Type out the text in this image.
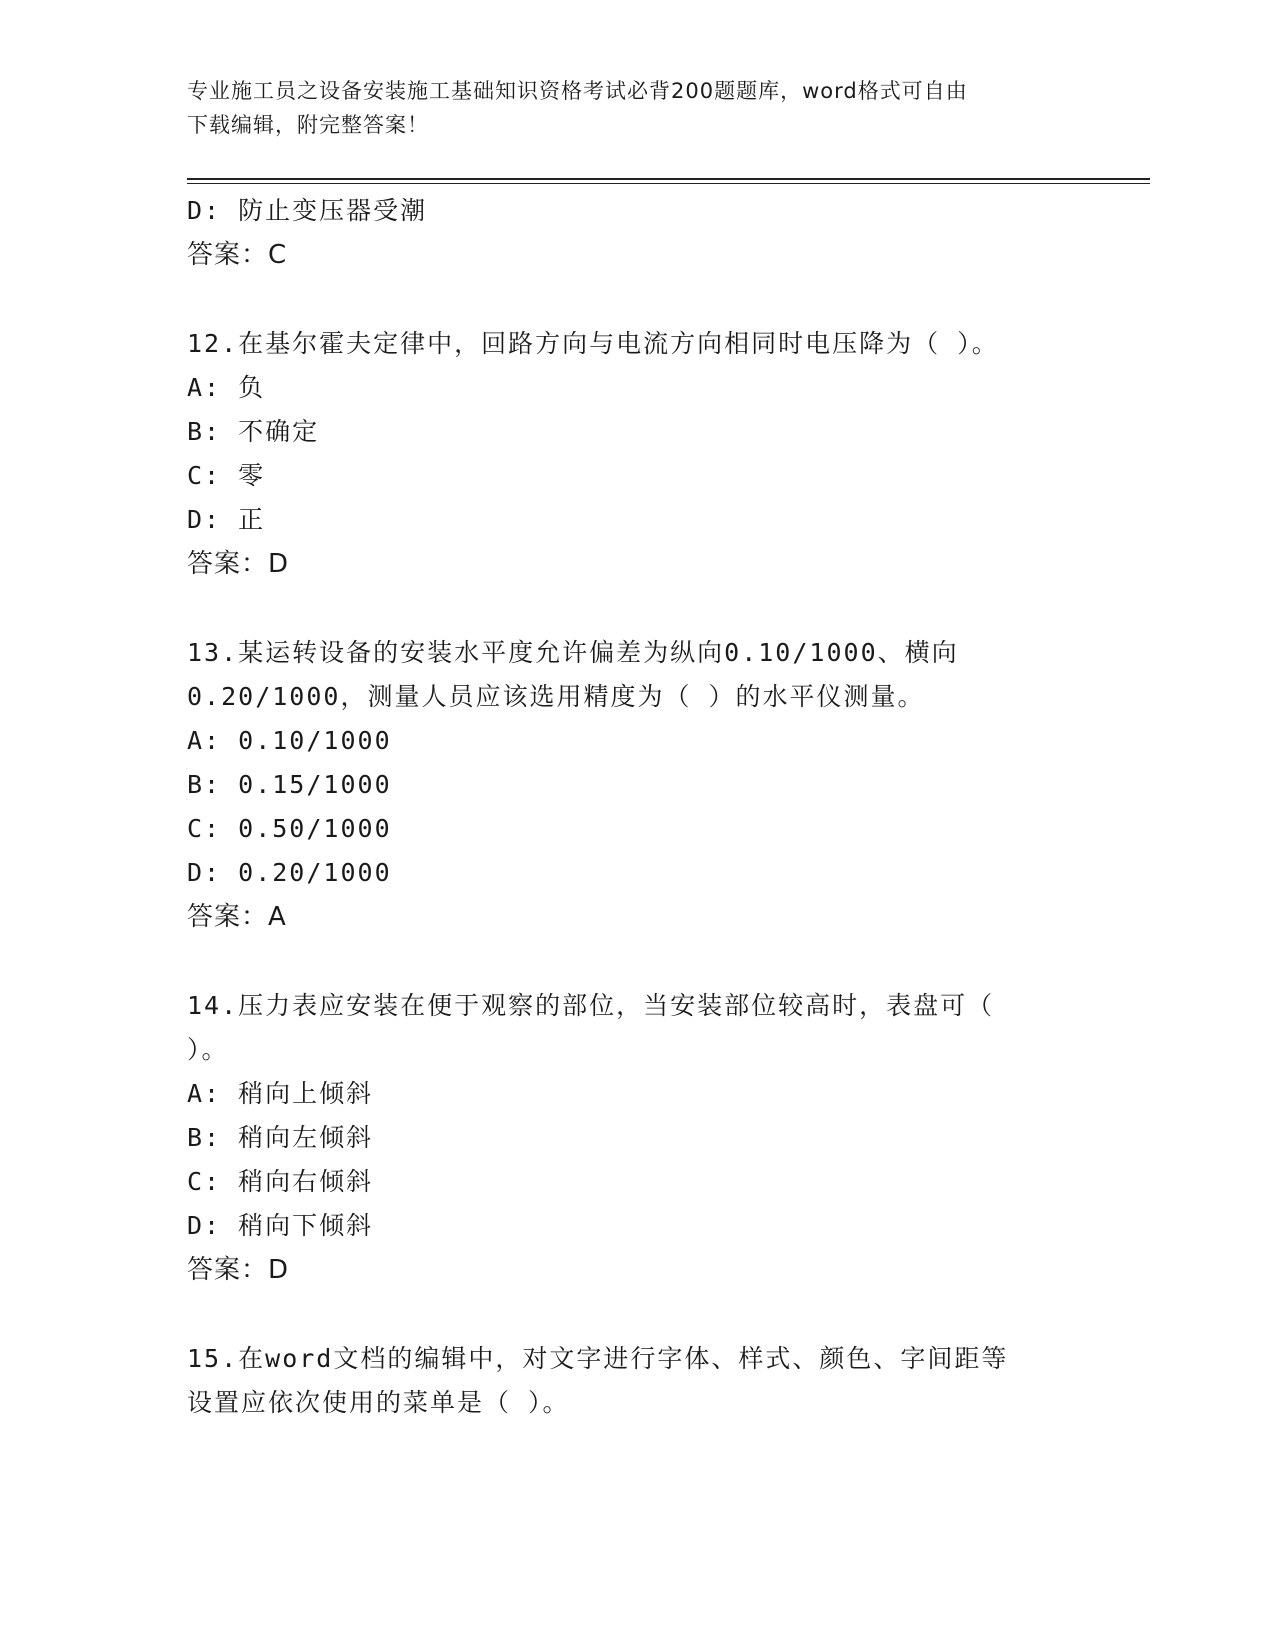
专业施工员之设备安装施工基础知识资格考试必背200题题库，word格式可自由
下载编辑，附完整答案！
D: 防止变压器受潮
答案：C
12.在基尔霍夫定律中，回路方向与电流方向相同时电压降为（ ）。
A: 负
B: 不确定
C: 零
D: 正
答案：D
13.某运转设备的安装水平度允许偏差为纵向0.10/1000、横向
0.20/1000，测量人员应该选用精度为（ ）的水平仪测量。
A: 0.10/1000
B: 0.15/1000
C: 0.50/1000
D: 0.20/1000
答案：A
14.压力表应安装在便于观察的部位，当安装部位较高时，表盘可（
）。
A: 稍向上倾斜
B: 稍向左倾斜
C: 稍向右倾斜
D: 稍向下倾斜
答案：D
15.在word文档的编辑中，对文字进行字体、样式、颜色、字间距等
设置应依次使用的菜单是（ ）。
